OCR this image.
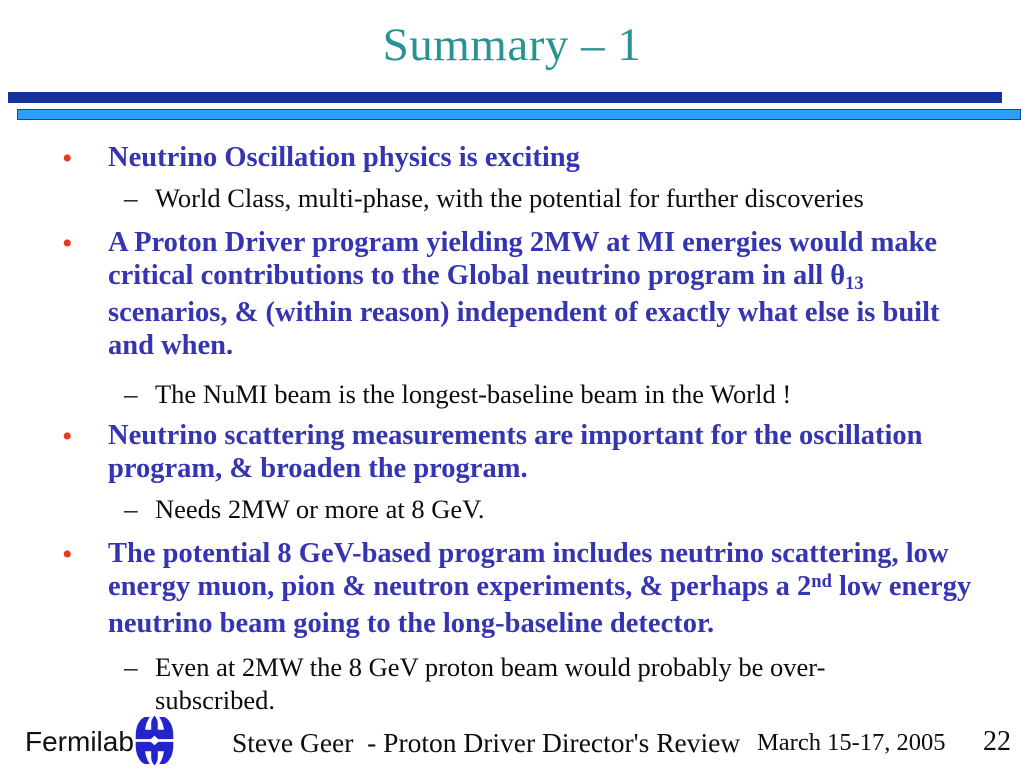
Summary – 1
• Neutrino Oscillation physics is exciting

– World Class, multi-phase, with the potential for further discoveries

• A Proton Driver program yielding 2MW at MI energies would make critical contributions to the Global neutrino program in all $\theta_{13}$ scenarios, & (within reason) independent of exactly what else is built and when.

– The NuMI beam is the longest-baseline beam in the World !

• Neutrino scattering measurements are important for the oscillation program, & broaden the program.

– Needs 2MW or more at 8 GeV.

• The potential 8 GeV-based program includes neutrino scattering, low energy muon, pion & neutron experiments, & perhaps a 2nd low energy neutrino beam going to the long-baseline detector.

– Even at 2MW the 8 GeV proton beam would probably be over-subscribed.

Fermilab	Steve Geer  - Proton Driver Director's Review March 15-17, 2005 22
